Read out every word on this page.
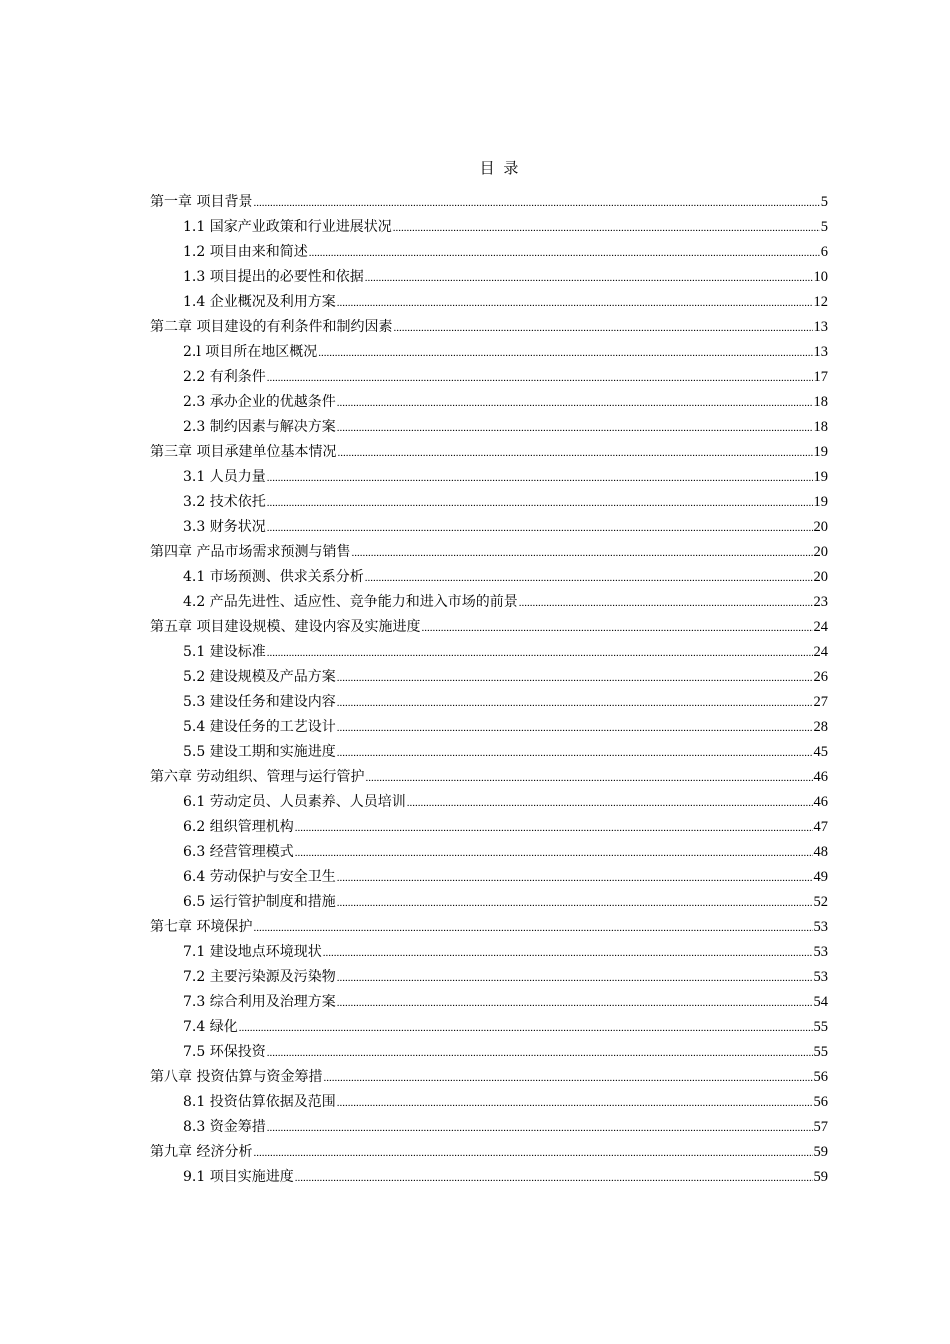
目 录
第一章 项目背景 .....	5
1.1 国家产业政策和行业进展状况 .....	5
1.2 项目由来和简述 .....	6
1.3 项目提出的必要性和依据 .....	10
1.4 企业概况及利用方案 .....	12
第二章 项目建设的有利条件和制约因素 .....	13
2.l 项目所在地区概况 .....	13
2.2 有利条件 .....	17
2.3 承办企业的优越条件 .....	18
2.3 制约因素与解决方案 .....	18
第三章 项目承建单位基本情况 .....	19
3.1 人员力量 .....	19
3.2 技术依托 .....	19
3.3 财务状况 .....	20
第四章 产品市场需求预测与销售 .....	20
4.1 市场预测、供求关系分析 .....	20
4.2 产品先进性、适应性、竞争能力和进入市场的前景 .....	23
第五章 项目建设规模、建设内容及实施进度 .....	24
5.1 建设标准 .....	24
5.2 建设规模及产品方案 .....	26
5.3 建设任务和建设内容 .....	27
5.4 建设任务的工艺设计 .....	28
5.5 建设工期和实施进度 .....	45
第六章 劳动组织、管理与运行管护 .....	46
6.1 劳动定员、人员素养、人员培训 .....	46
6.2 组织管理机构 .....	47
6.3 经营管理模式 .....	48
6.4 劳动保护与安全卫生 .....	49
6.5 运行管护制度和措施 .....	52
第七章 环境保护 .....	53
7.1 建设地点环境现状 .....	53
7.2 主要污染源及污染物 .....	53
7.3 综合利用及治理方案 .....	54
7.4 绿化 .....	55
7.5 环保投资 .....	55
第八章 投资估算与资金筹措 .....	56
8.1 投资估算依据及范围 .....	56
8.3 资金筹措 .....	57
第九章 经济分析 .....	59
9.1 项目实施进度 .....	59
